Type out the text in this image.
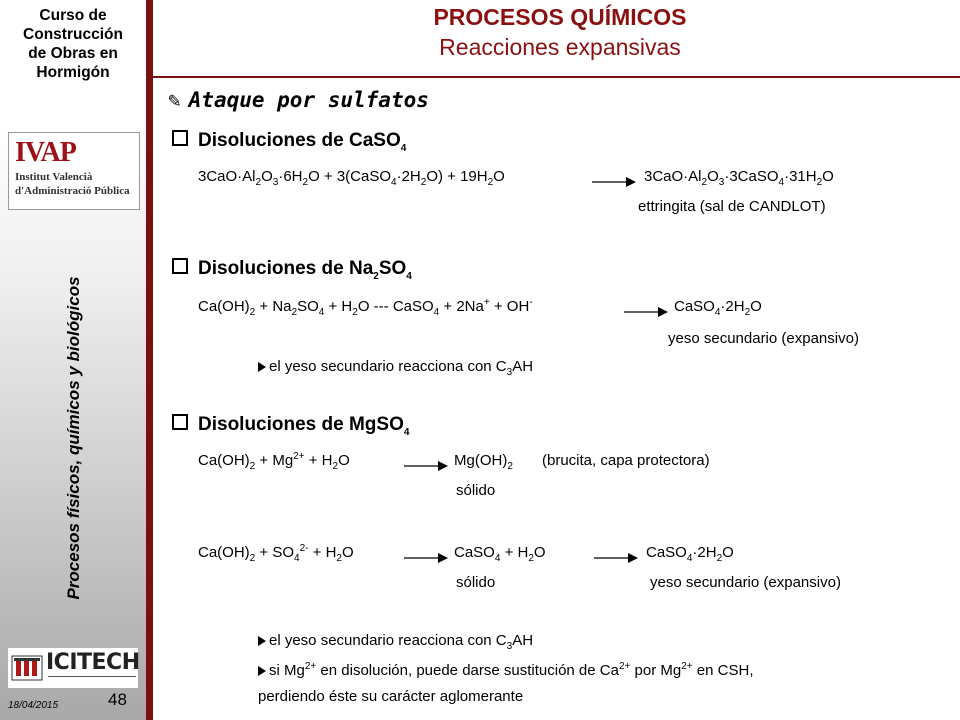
Curso de
Construcción
de Obras en
Hormigón
IVAP
Institut Valencià
d'Administració Pública
Procesos físicos, químicos y biológicos
ICITECH
18/04/2015	48
PROCESOS QUÍMICOS
Reacciones expansivas
✎ Ataque por sulfatos
Disoluciones de CaSO$_4$
$3CaO\cdot Al_2O_3\cdot 6H_2O$ + $3(CaSO_4\cdot 2H_2O) + 19H_2O$	→ $3CaO\cdot Al_2O_3\cdot 3CaSO_4\cdot 31H_2O$
ettringita (sal de CANDLOT)
Disoluciones de $Na_2SO_4$
$Ca(OH)_2 + Na_2SO_4 + H_2O$ --- CaSO$_4$ + $2Na^+ + OH^- \to CaSO_4\cdot 2H_2O$
yeso secundario (expansivo)
el yeso secundario reacciona con $C_3AH$
Disoluciones de MgSO$_4$
$Ca(OH)_2 + Mg^{2+} + H_2O$	→ $Mg(OH)_2$ (brucita, capa protectora)
sólido
$Ca(OH)_2 + SO_4^{2-} + H_2O$	→ CaSO$_4$ + $H_2O$	→ $CaSO_4\cdot 2H_2O$
sólido	yeso secundario (expansivo)
el yeso secundario reacciona con $C_3AH$
si $Mg^{2+}$ en disolución, puede darse sustitución de $Ca^{2+}$ por $Mg^{2+}$ en CSH,
perdiendo éste su carácter aglomerante
